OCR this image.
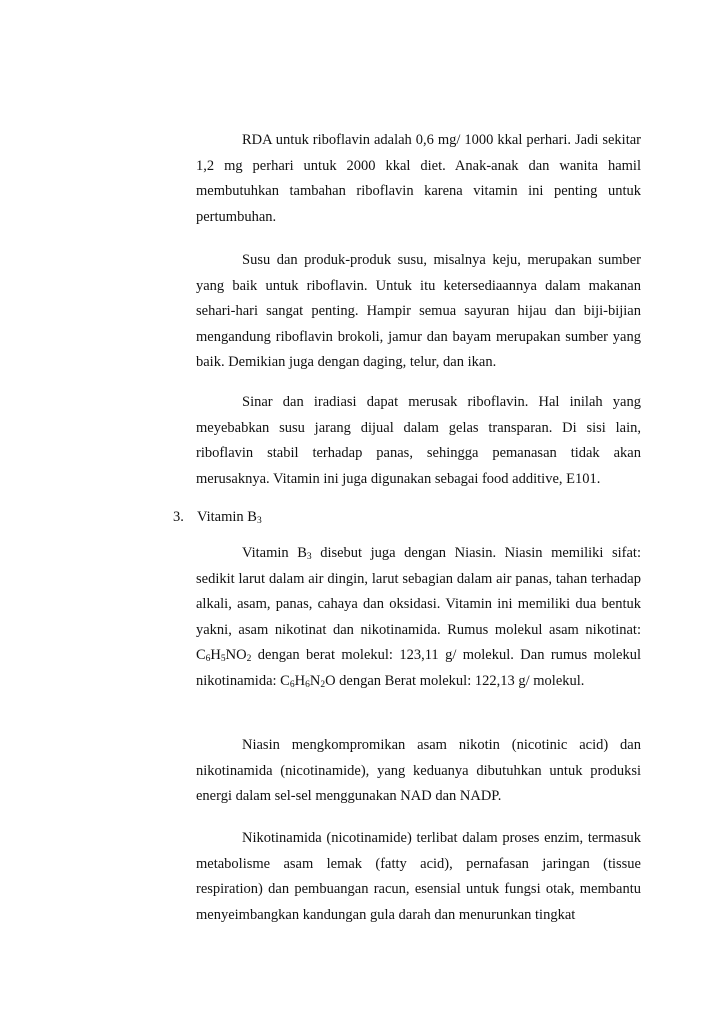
RDA untuk riboflavin adalah 0,6 mg/ 1000 kkal perhari. Jadi sekitar 1,2 mg perhari untuk 2000 kkal diet. Anak-anak dan wanita hamil membutuhkan tambahan riboflavin karena vitamin ini penting untuk pertumbuhan.

Susu dan produk-produk susu, misalnya keju, merupakan sumber yang baik untuk riboflavin. Untuk itu ketersediaannya dalam makanan sehari-hari sangat penting. Hampir semua sayuran hijau dan biji-bijian mengandung riboflavin brokoli, jamur dan bayam merupakan sumber yang baik. Demikian juga dengan daging, telur, dan ikan.

Sinar dan iradiasi dapat merusak riboflavin. Hal inilah yang meyebabkan susu jarang dijual dalam gelas transparan. Di sisi lain, riboflavin stabil terhadap panas, sehingga pemanasan tidak akan merusaknya. Vitamin ini juga digunakan sebagai food additive, E101.

3. Vitamin $B_3$

Vitamin $B_3$ disebut juga dengan Niasin. Niasin memiliki sifat: sedikit larut dalam air dingin, larut sebagian dalam air panas, tahan terhadap alkali, asam, panas, cahaya dan oksidasi. Vitamin ini memiliki dua bentuk yakni, asam nikotinat dan nikotinamida. Rumus molekul asam nikotinat: $C_6H_5NO_2$ dengan berat molekul: 123,11 g/ molekul. Dan rumus molekul nikotinamida: $C_6H_6N_2O$ dengan Berat molekul: 122,13 g/ molekul.

Niasin mengkompromikan asam nikotin (nicotinic acid) dan nikotinamida (nicotinamide), yang keduanya dibutuhkan untuk produksi energi dalam sel-sel menggunakan NAD dan NADP.

Nikotinamida (nicotinamide) terlibat dalam proses enzim, termasuk metabolisme asam lemak (fatty acid), pernafasan jaringan (tissue respiration) dan pembuangan racun, esensial untuk fungsi otak, membantu menyeimbangkan kandungan gula darah dan menurunkan tingkat
